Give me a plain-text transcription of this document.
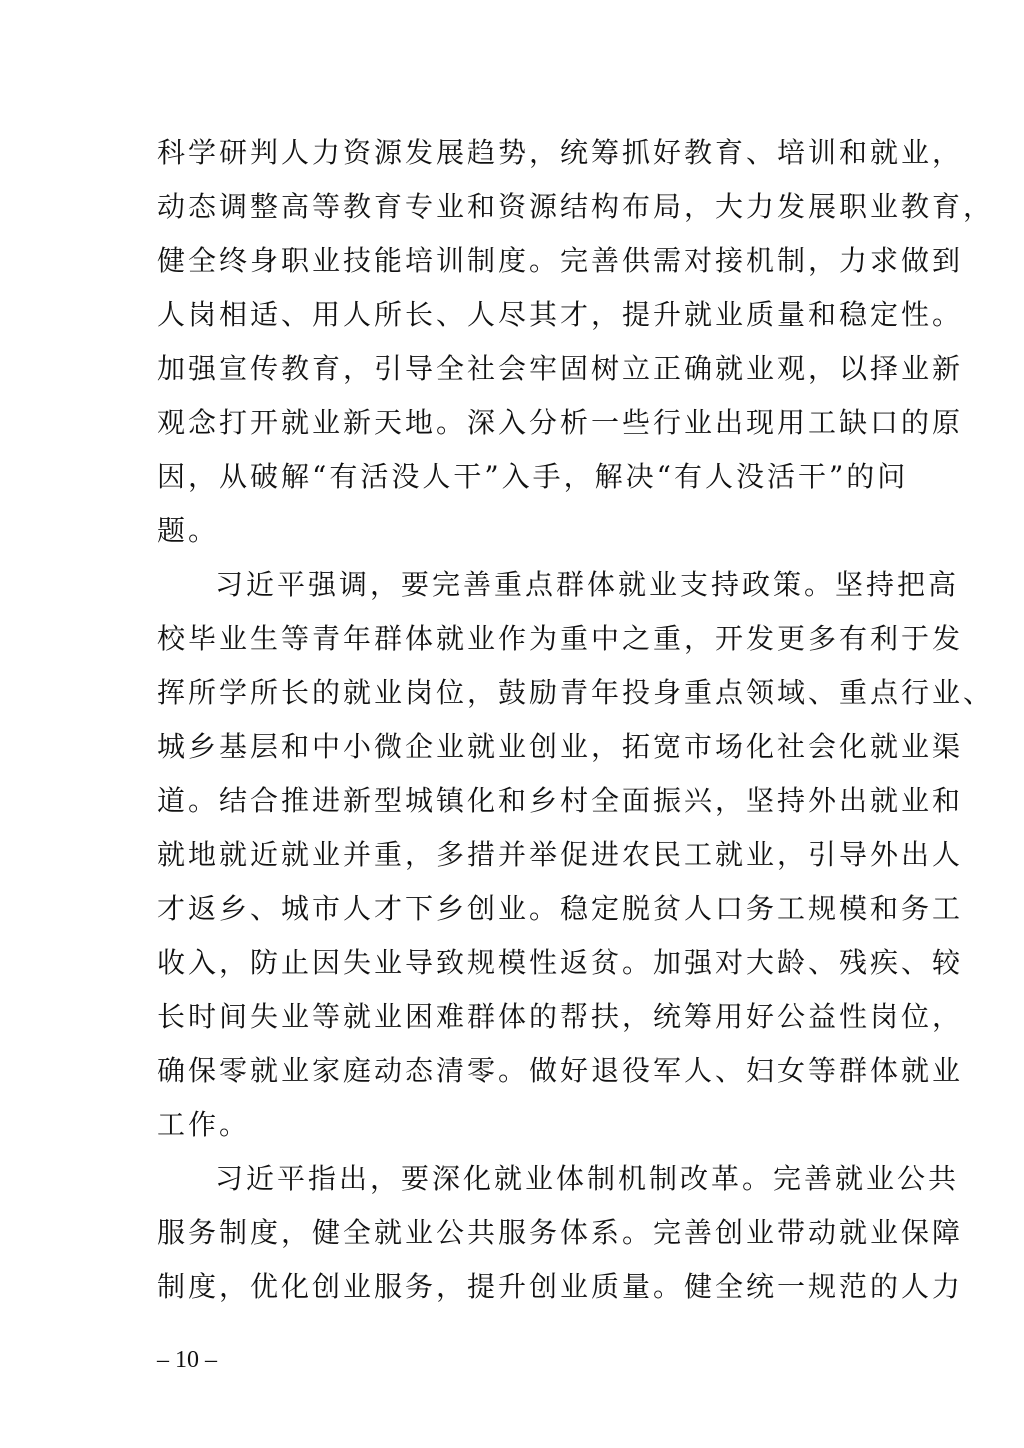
科学研判人力资源发展趋势，统筹抓好教育、培训和就业，
动态调整高等教育专业和资源结构布局，大力发展职业教育，
健全终身职业技能培训制度。完善供需对接机制，力求做到
人岗相适、用人所长、人尽其才，提升就业质量和稳定性。
加强宣传教育，引导全社会牢固树立正确就业观，以择业新
观念打开就业新天地。深入分析一些行业出现用工缺口的原
因，从破解“有活没人干”入手，解决“有人没活干”的问
题。
习近平强调，要完善重点群体就业支持政策。坚持把高
校毕业生等青年群体就业作为重中之重，开发更多有利于发
挥所学所长的就业岗位，鼓励青年投身重点领域、重点行业、
城乡基层和中小微企业就业创业，拓宽市场化社会化就业渠
道。结合推进新型城镇化和乡村全面振兴，坚持外出就业和
就地就近就业并重，多措并举促进农民工就业，引导外出人
才返乡、城市人才下乡创业。稳定脱贫人口务工规模和务工
收入，防止因失业导致规模性返贫。加强对大龄、残疾、较
长时间失业等就业困难群体的帮扶，统筹用好公益性岗位，
确保零就业家庭动态清零。做好退役军人、妇女等群体就业
工作。
习近平指出，要深化就业体制机制改革。完善就业公共
服务制度，健全就业公共服务体系。完善创业带动就业保障
制度，优化创业服务，提升创业质量。健全统一规范的人力
– 10 –
